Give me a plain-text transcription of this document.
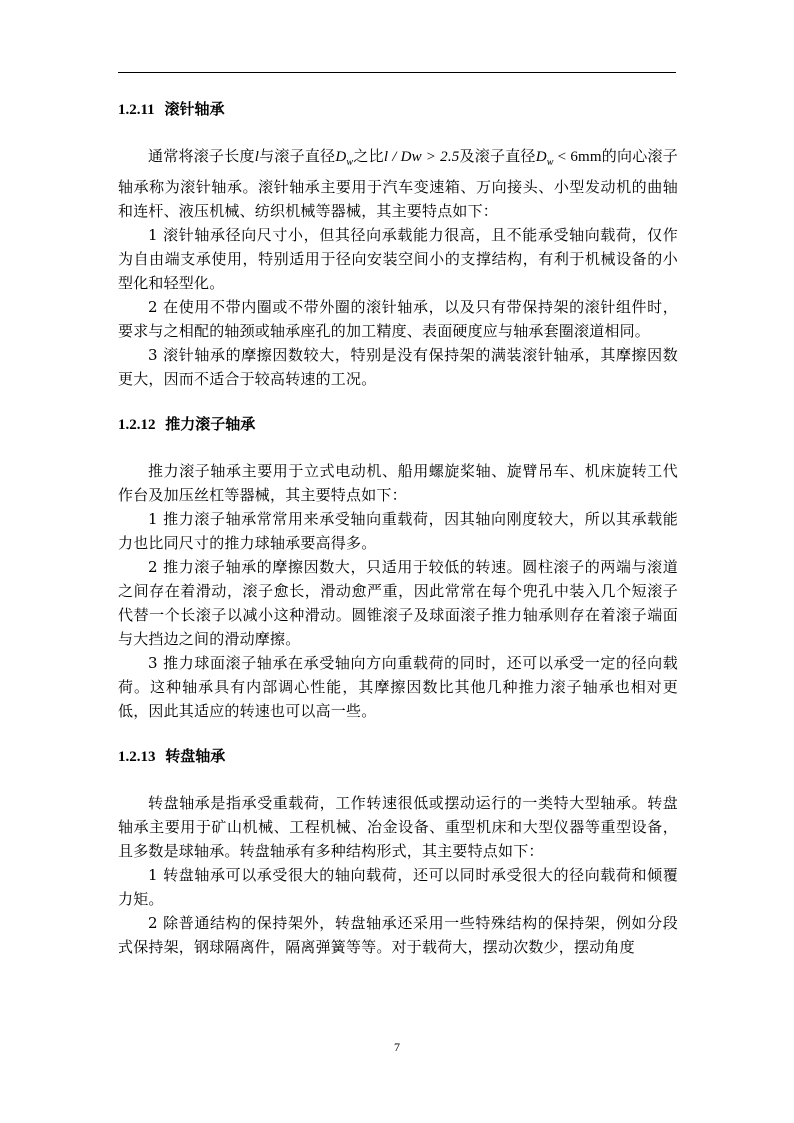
1.2.11 滚针轴承

通常将滚子长度l与滚子直径$D_w$之比l / Dw > 2.5及滚子直径$D_w < 6mm$的向心滚子轴承称为滚针轴承。滚针轴承主要用于汽车变速箱、万向接头、小型发动机的曲轴和连杆、液压机械、纺织机械等器械，其主要特点如下：

1 滚针轴承径向尺寸小，但其径向承载能力很高，且不能承受轴向载荷，仅作为自由端支承使用，特别适用于径向安装空间小的支撑结构，有利于机械设备的小型化和轻型化。

2 在使用不带内圈或不带外圈的滚针轴承，以及只有带保持架的滚针组件时，要求与之相配的轴颈或轴承座孔的加工精度、表面硬度应与轴承套圈滚道相同。

3 滚针轴承的摩擦因数较大，特别是没有保持架的满装滚针轴承，其摩擦因数更大，因而不适合于较高转速的工况。

1.2.12 推力滚子轴承

推力滚子轴承主要用于立式电动机、船用螺旋桨轴、旋臂吊车、机床旋转工代作台及加压丝杠等器械，其主要特点如下：

1 推力滚子轴承常常用来承受轴向重载荷，因其轴向刚度较大，所以其承载能力也比同尺寸的推力球轴承要高得多。

2 推力滚子轴承的摩擦因数大，只适用于较低的转速。圆柱滚子的两端与滚道之间存在着滑动，滚子愈长，滑动愈严重，因此常常在每个兜孔中装入几个短滚子代替一个长滚子以减小这种滑动。圆锥滚子及球面滚子推力轴承则存在着滚子端面与大挡边之间的滑动摩擦。

3 推力球面滚子轴承在承受轴向方向重载荷的同时，还可以承受一定的径向载荷。这种轴承具有内部调心性能，其摩擦因数比其他几种推力滚子轴承也相对更低，因此其适应的转速也可以高一些。

1.2.13 转盘轴承

转盘轴承是指承受重载荷，工作转速很低或摆动运行的一类特大型轴承。转盘轴承主要用于矿山机械、工程机械、冶金设备、重型机床和大型仪器等重型设备，且多数是球轴承。转盘轴承有多种结构形式，其主要特点如下：

1 转盘轴承可以承受很大的轴向载荷，还可以同时承受很大的径向载荷和倾覆力矩。

2 除普通结构的保持架外，转盘轴承还采用一些特殊结构的保持架，例如分段式保持架，钢球隔离件，隔离弹簧等等。对于载荷大，摆动次数少，摆动角度

7
